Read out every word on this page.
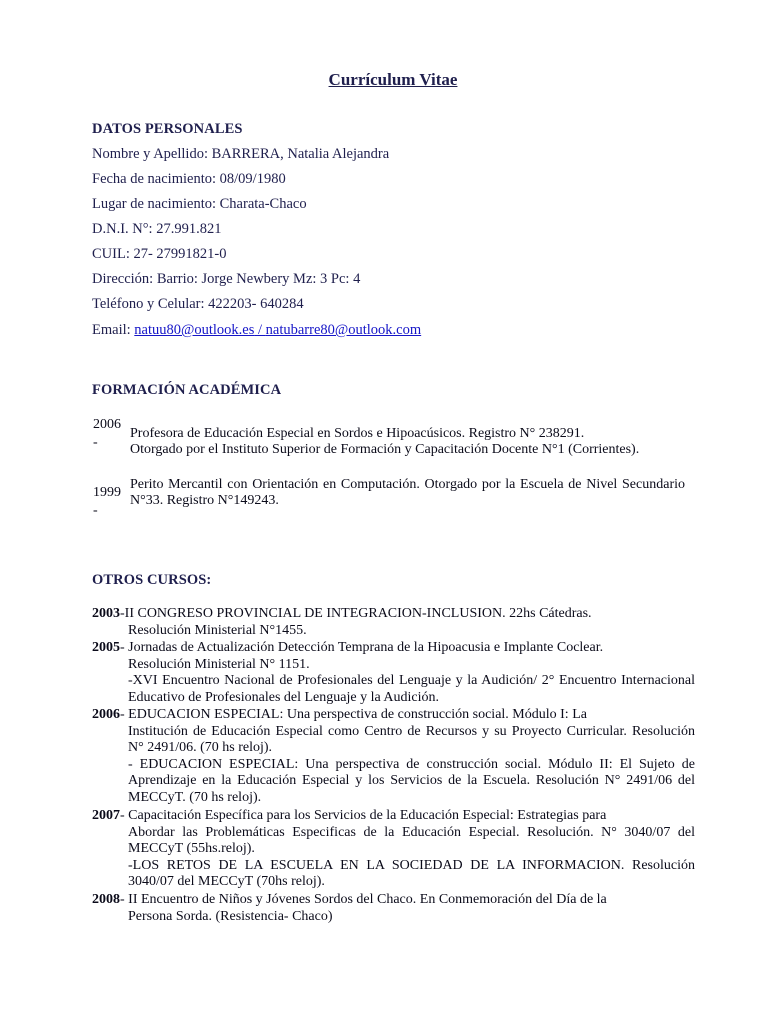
Currículum Vitae
DATOS PERSONALES
Nombre y Apellido: BARRERA, Natalia Alejandra
Fecha de nacimiento: 08/09/1980
Lugar de nacimiento: Charata-Chaco
D.N.I. N°: 27.991.821
CUIL: 27- 27991821-0
Dirección: Barrio: Jorge Newbery Mz: 3 Pc: 4
Teléfono y Celular: 422203- 640284
Email: natuu80@outlook.es / natubarre80@outlook.com
FORMACIÓN ACADÉMICA
2006
-
Profesora de Educación Especial en Sordos e Hipoacúsicos. Registro N° 238291.
Otorgado por el Instituto Superior de Formación y Capacitación Docente N°1 (Corrientes).
1999
-
Perito Mercantil con Orientación en Computación. Otorgado por la Escuela de Nivel Secundario N°33. Registro N°149243.
OTROS CURSOS:
2003-II CONGRESO PROVINCIAL DE INTEGRACION-INCLUSION. 22hs Cátedras.
Resolución Ministerial N°1455.
2005- Jornadas de Actualización Detección Temprana de la Hipoacusia e Implante Coclear.
Resolución Ministerial N° 1151.
-XVI Encuentro Nacional de Profesionales del Lenguaje y la Audición/ 2° Encuentro Internacional Educativo de Profesionales del Lenguaje y la Audición.
2006- EDUCACION ESPECIAL: Una perspectiva de construcción social. Módulo I: La
Institución de Educación Especial como Centro de Recursos y su Proyecto Curricular. Resolución N° 2491/06. (70 hs reloj).
- EDUCACION ESPECIAL: Una perspectiva de construcción social. Módulo II: El Sujeto de Aprendizaje en la Educación Especial y los Servicios de la Escuela. Resolución N° 2491/06 del MECCyT. (70 hs reloj).
2007- Capacitación Específica para los Servicios de la Educación Especial: Estrategias para
Abordar las Problemáticas Especificas de la Educación Especial. Resolución. N° 3040/07 del MECCyT (55hs.reloj).
-LOS RETOS DE LA ESCUELA EN LA SOCIEDAD DE LA INFORMACION. Resolución 3040/07 del MECCyT (70hs reloj).
2008- II Encuentro de Niños y Jóvenes Sordos del Chaco. En Conmemoración del Día de la
Persona Sorda. (Resistencia- Chaco)
